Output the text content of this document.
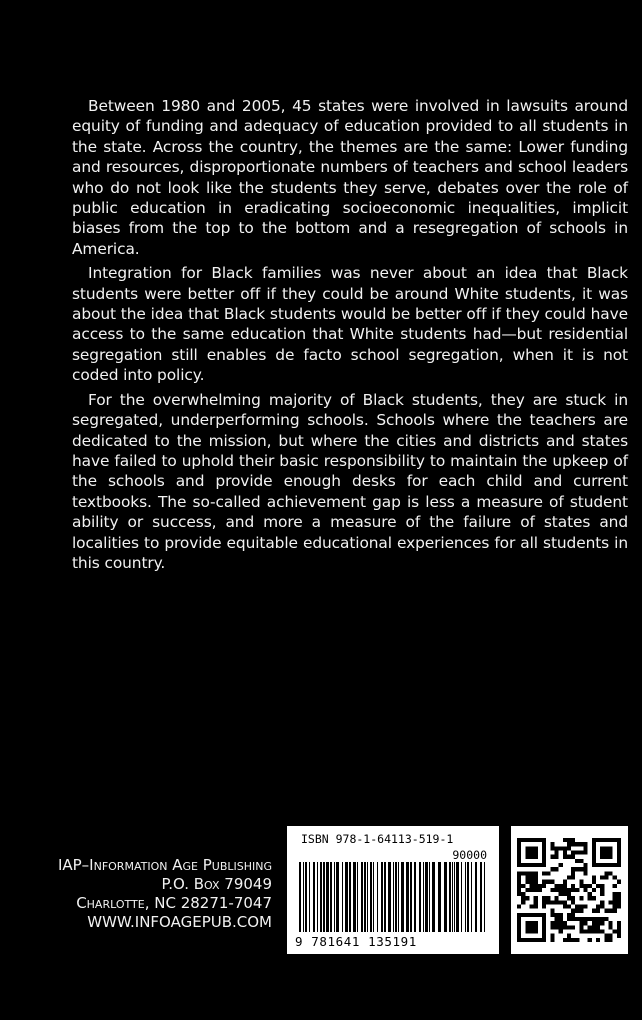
Between 1980 and 2005, 45 states were involved in lawsuits around equity of funding and adequacy of education provided to all students in the state. Across the country, the themes are the same: Lower funding and resources, disproportionate numbers of teachers and school leaders who do not look like the students they serve, debates over the role of public education in eradicating socioeconomic inequalities, implicit biases from the top to the bottom and a resegregation of schools in America.

Integration for Black families was never about an idea that Black students were better off if they could be around White students, it was about the idea that Black students would be better off if they could have access to the same education that White students had—but residential segregation still enables de facto school segregation, when it is not coded into policy.

For the overwhelming majority of Black students, they are stuck in segregated, underperforming schools. Schools where the teachers are dedicated to the mission, but where the cities and districts and states have failed to uphold their basic responsibility to maintain the upkeep of the schools and provide enough desks for each child and current textbooks. The so-called achievement gap is less a measure of student ability or success, and more a measure of the failure of states and localities to provide equitable educational experiences for all students in this country.

IAP–Information Age Publishing
P.O. Box 79049
Charlotte, NC 28271-7047
WWW.INFOAGEPUB.COM
ISBN 978-1-64113-519-1
90000
9 781641 135191
